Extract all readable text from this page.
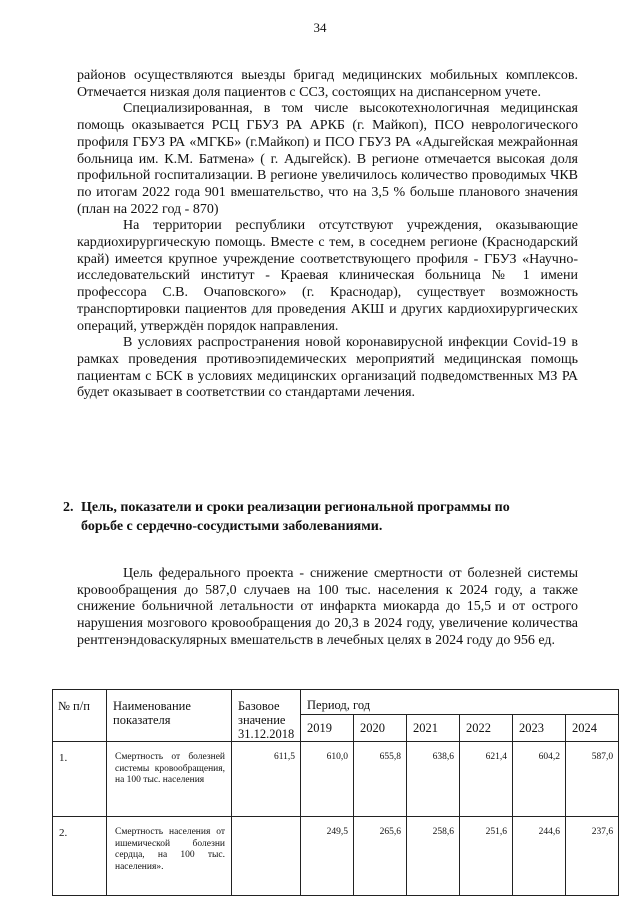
34

районов осуществляются выезды бригад медицинских мобильных комплексов. Отмечается низкая доля пациентов с ССЗ, состоящих на диспансерном учете.

Специализированная, в том числе высокотехнологичная медицинская помощь оказывается РСЦ ГБУЗ РА АРКБ (г. Майкоп), ПСО неврологического профиля ГБУЗ РА «МГКБ» (г.Майкоп) и ПСО ГБУЗ РА «Адыгейская межрайонная больница им. К.М. Батмена» ( г. Адыгейск). В регионе отмечается высокая доля профильной госпитализации. В регионе увеличилось количество проводимых ЧКВ по итогам 2022 года 901 вмешательство, что на 3,5 % больше планового значения (план на 2022 год - 870)

На территории республики отсутствуют учреждения, оказывающие кардиохирургическую помощь. Вместе с тем, в соседнем регионе (Краснодарский край) имеется крупное учреждение соответствующего профиля - ГБУЗ «Научно-исследовательский институт - Краевая клиническая больница № 1 имени профессора С.В. Очаповского» (г. Краснодар), существует возможность транспортировки пациентов для проведения АКШ и других кардиохирургических операций, утверждён порядок направления.

В условиях распространения новой коронавирусной инфекции Covid-19 в рамках проведения противоэпидемических мероприятий медицинская помощь пациентам с БСК в условиях медицинских организаций подведомственных МЗ РА будет оказывает в соответствии со стандартами лечения.

2. Цель, показатели и сроки реализации региональной программы по
борьбе с сердечно-сосудистыми заболеваниями.

Цель федерального проекта - снижение смертности от болезней системы кровообращения до 587,0 случаев на 100 тыс. населения к 2024 году, а также снижение больничной летальности от инфаркта миокарда до 15,5 и от острого нарушения мозгового кровообращения до 20,3 в 2024 году, увеличение количества рентгенэндоваскулярных вмешательств в лечебных целях в 2024 году до 956 ед.

№ п/п	Наименование показателя	Базовое значение 31.12.2018	Период, год					
			2019	2020	2021	2022	2023	2024
1.	Смертность от болезней системы кровообращения, на 100 тыс. населения	611,5	610,0	655,8	638,6	621,4	604,2	587,0
2.	Смертность населения от ишемической болезни сердца, на 100 тыс. населения».		249,5	265,6	258,6	251,6	244,6	237,6
